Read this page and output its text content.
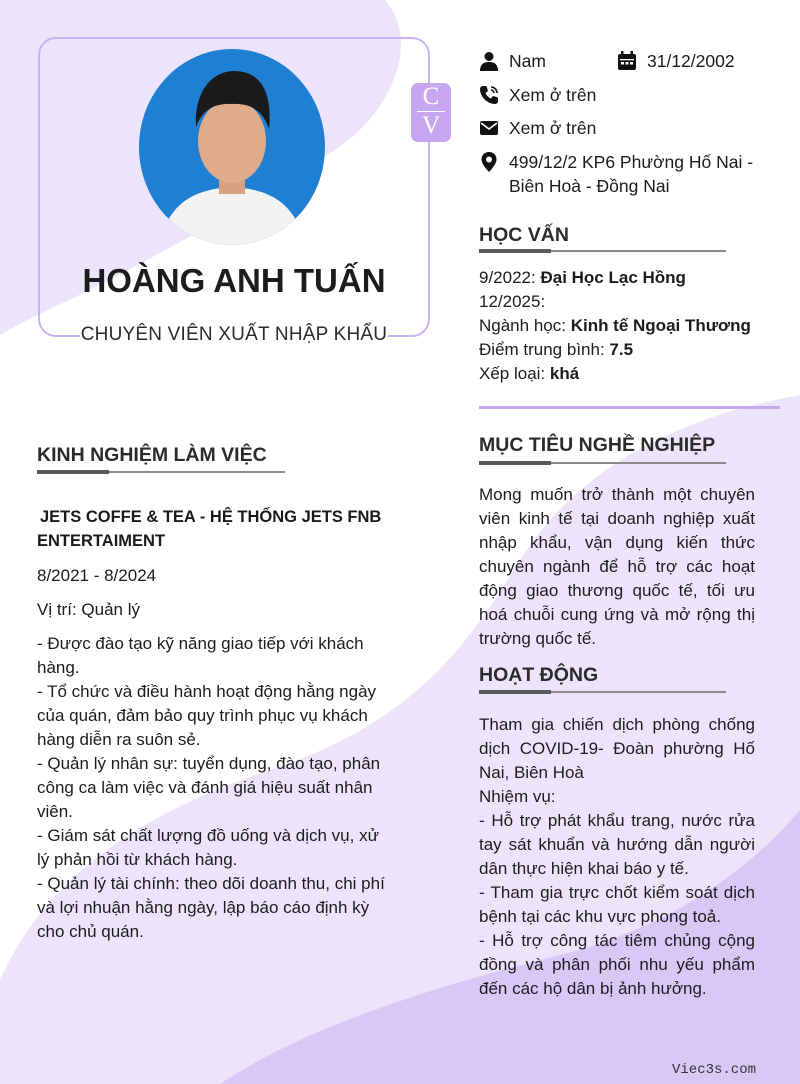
HOÀNG ANH TUẤN
CHUYÊN VIÊN XUẤT NHẬP KHẨU
C
V
Nam	31/12/2002
Xem ở trên
Xem ở trên
499/12/2 KP6 Phường Hố Nai -
Biên Hoà - Đồng Nai
HỌC VẤN
9/2022: Đại Học Lạc Hồng
12/2025:
Ngành học: Kinh tế Ngoại Thương
Điểm trung bình: 7.5
Xếp loại: khá
MỤC TIÊU NGHỀ NGHIỆP
Mong muốn trở thành một chuyên viên kinh tế tại doanh nghiệp xuất nhập khẩu, vận dụng kiến thức chuyên ngành để hỗ trợ các hoạt động giao thương quốc tế, tối ưu hoá chuỗi cung ứng và mở rộng thị trường quốc tế.
HOẠT ĐỘNG
Tham gia chiến dịch phòng chống dịch COVID-19- Đoàn phường Hố Nai, Biên Hoà
Nhiệm vụ:
- Hỗ trợ phát khẩu trang, nước rửa tay sát khuẩn và hướng dẫn người dân thực hiện khai báo y tế.
- Tham gia trực chốt kiểm soát dịch bệnh tại các khu vực phong toả.
- Hỗ trợ công tác tiêm chủng cộng đồng và phân phối nhu yếu phẩm đến các hộ dân bị ảnh hưởng.
KINH NGHIỆM LÀM VIỆC
JETS COFFE & TEA - HỆ THỐNG JETS FNB
ENTERTAIMENT
8/2021 - 8/2024
Vị trí: Quản lý
- Được đào tạo kỹ năng giao tiếp với khách hàng.
- Tổ chức và điều hành hoạt động hằng ngày của quán, đảm bảo quy trình phục vụ khách hàng diễn ra suôn sẻ.
- Quản lý nhân sự: tuyển dụng, đào tạo, phân công ca làm việc và đánh giá hiệu suất nhân viên.
- Giám sát chất lượng đồ uống và dịch vụ, xử lý phản hồi từ khách hàng.
- Quản lý tài chính: theo dõi doanh thu, chi phí và lợi nhuận hằng ngày, lập báo cáo định kỳ cho chủ quán.
Viec3s.com
